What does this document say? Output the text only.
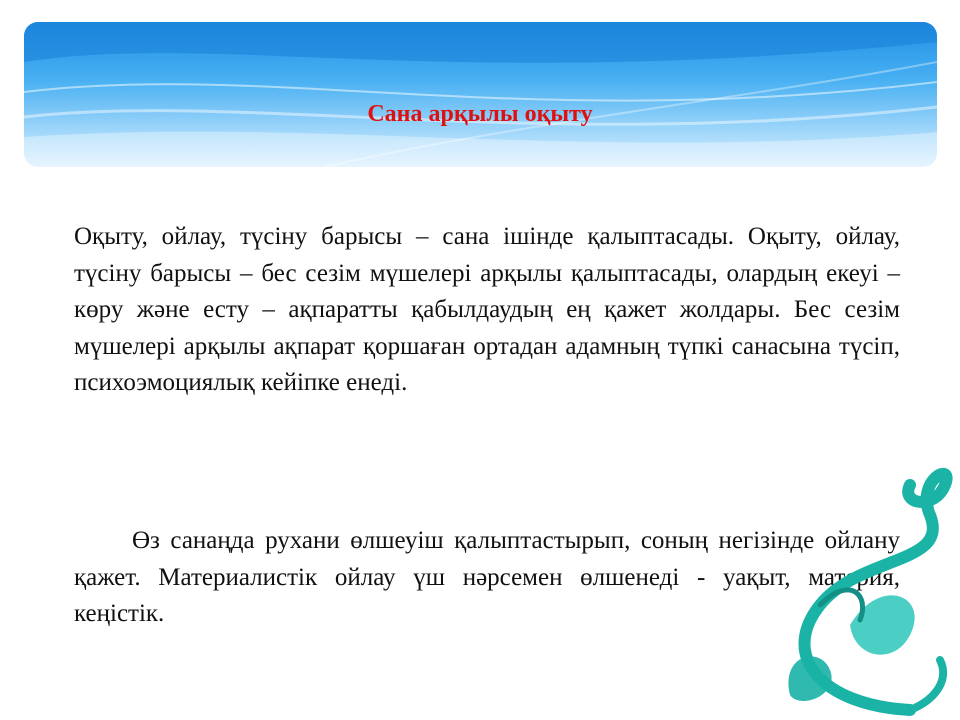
Сана арқылы оқыту

Оқыту, ойлау, түсіну барысы – сана ішінде қалыптасады. Оқыту, ойлау, түсіну барысы – бес сезім мүшелері арқылы қалыптасады, олардың екеуі – көру және есту – ақпаратты қабылдаудың ең қажет жолдары. Бес сезім мүшелері арқылы ақпарат қоршаған ортадан адамның түпкі санасына түсіп, психоэмоциялық кейіпке енеді.

Өз санаңда рухани өлшеуіш қалыптастырып, соның негізінде ойлану қажет. Материалистік ойлау үш нәрсемен өлшенеді - уақыт, материя, кеңістік.
